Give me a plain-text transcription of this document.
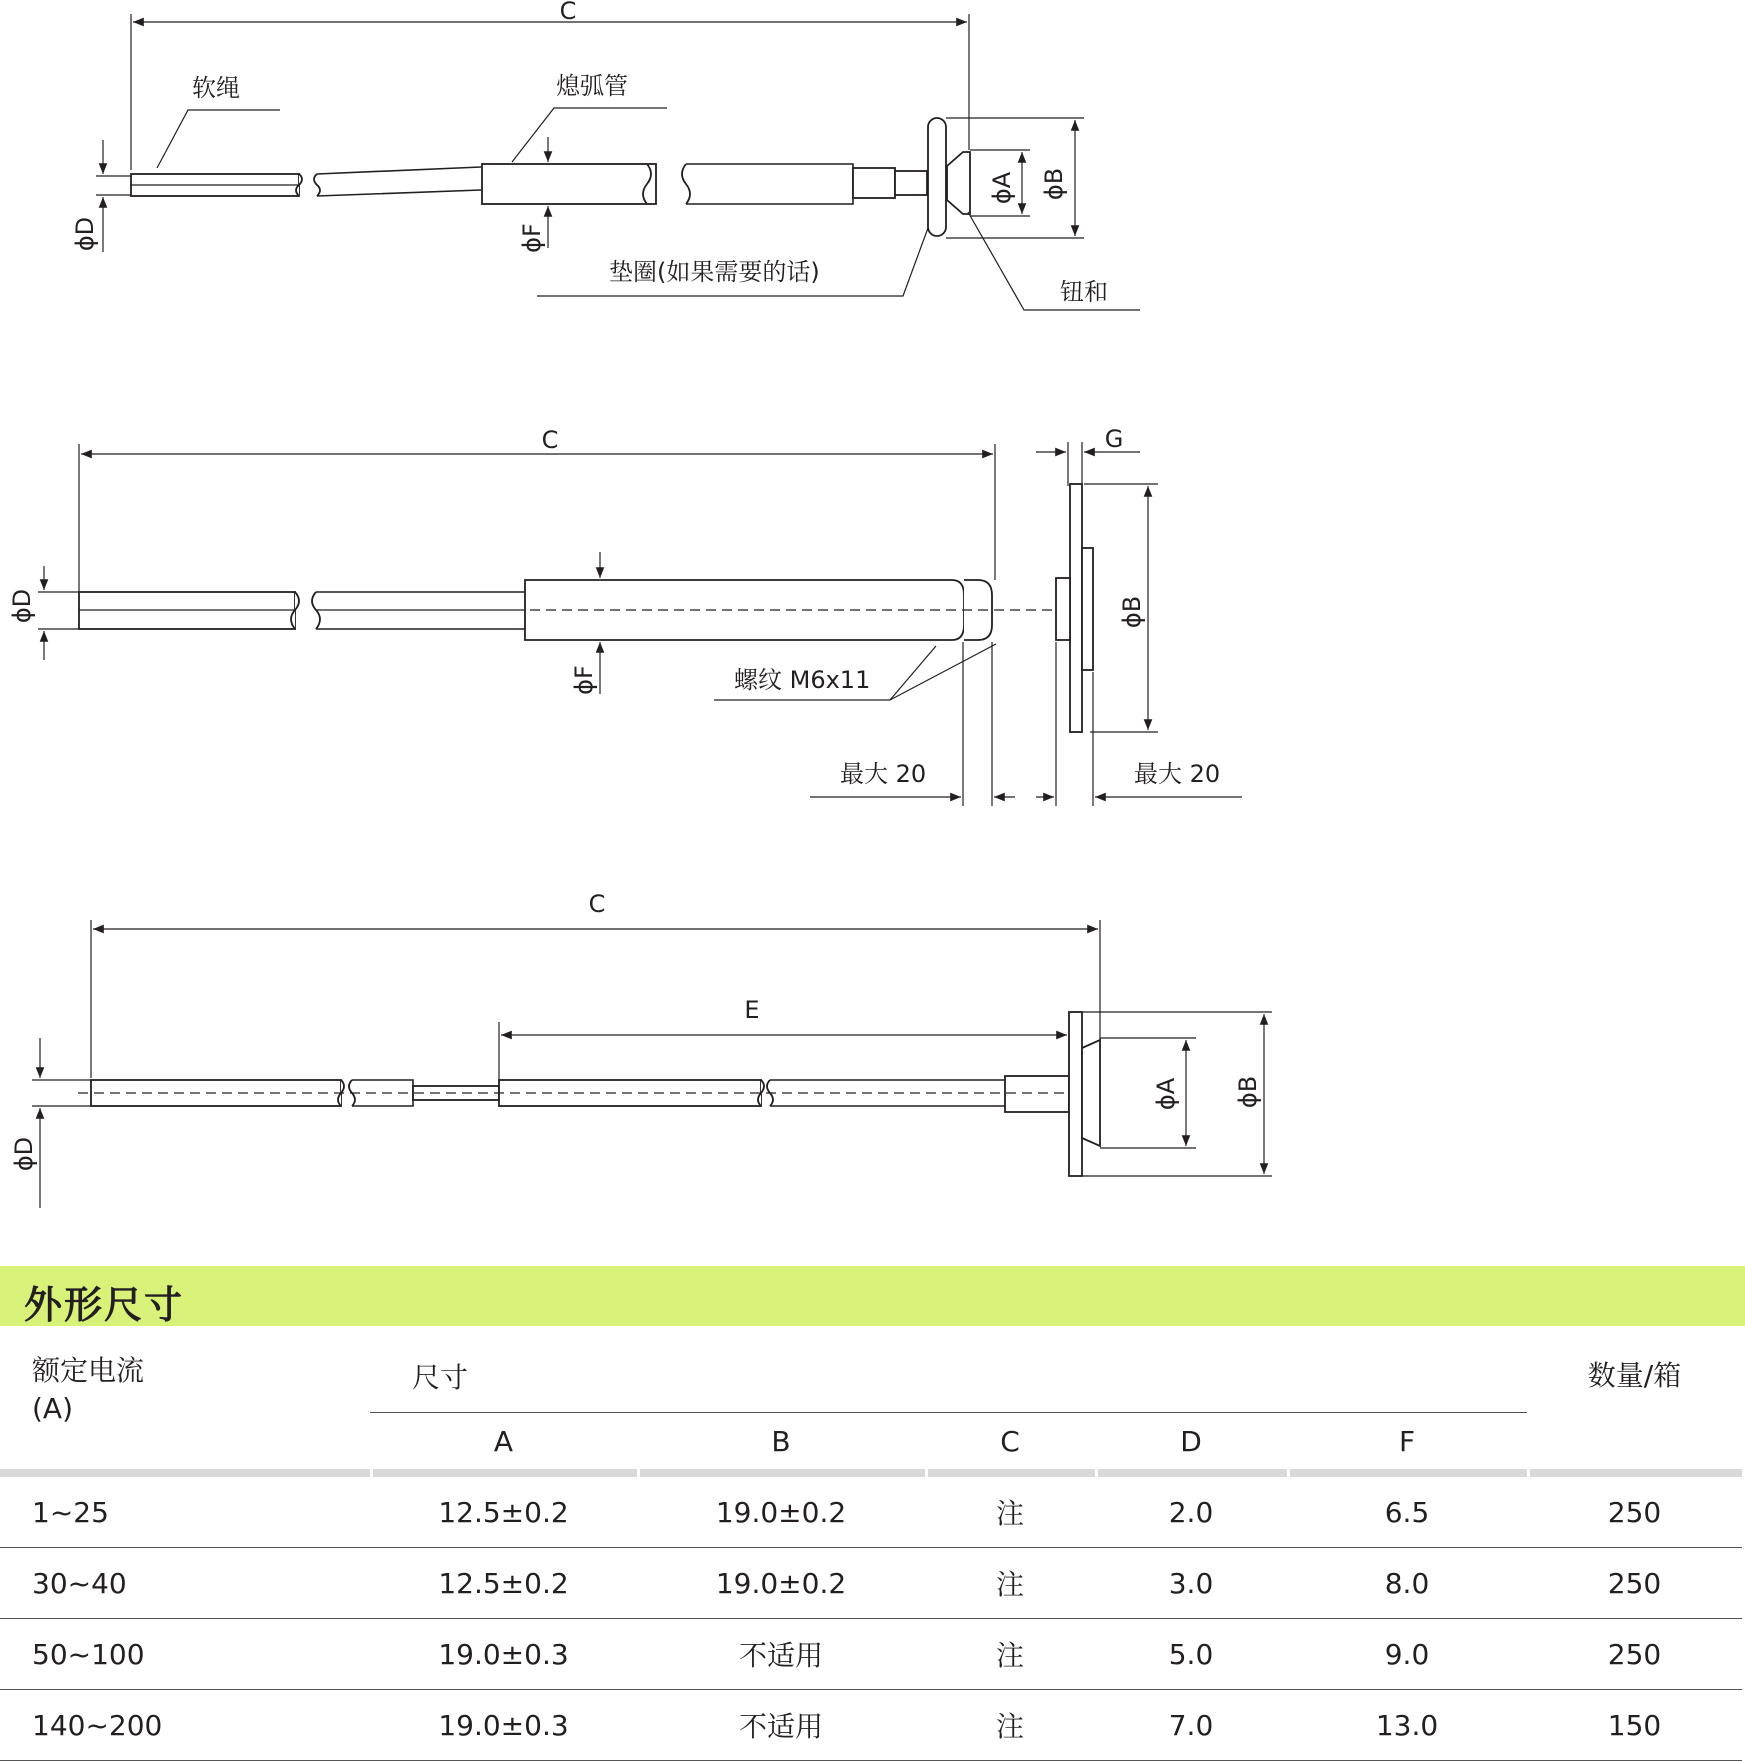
C
ϕD	ϕF
ϕA ϕB
软绳	熄弧管
垫圈(如果需要的话)
钮和
C	G
ϕD
ϕF
ϕB
螺纹 M6x11
最大 20	最大 20
C
E
ϕD
ϕA ϕB
外形尺寸
额定电流
(A)	尺寸					数量/箱
	A	B	C	D	F	

1~25	12.5±0.2	19.0±0.2	注	2.0	6.5	250
30~40	12.5±0.2	19.0±0.2	注	3.0	8.0	250
50~100	19.0±0.3	不适用	注	5.0	9.0	250
140~200	19.0±0.3	不适用	注	7.0	13.0	150
